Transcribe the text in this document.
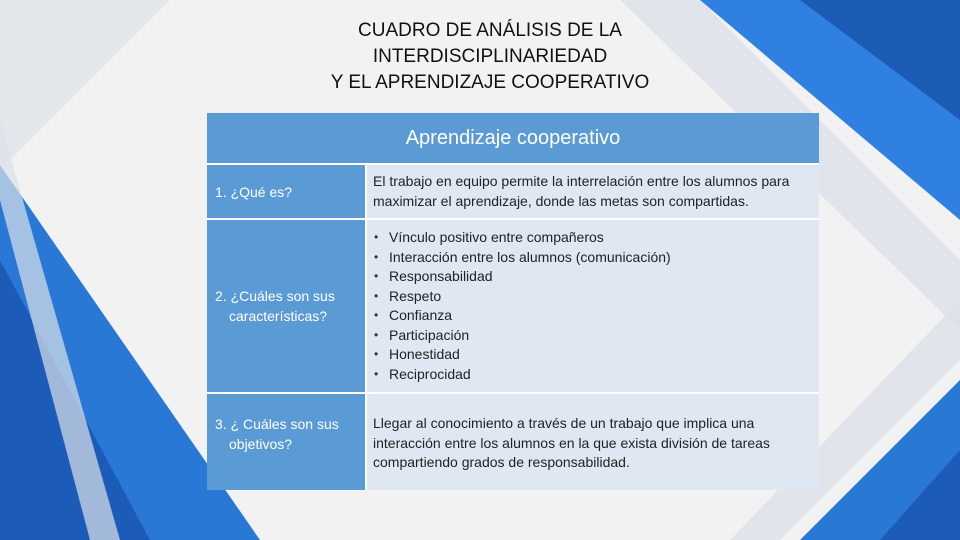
CUADRO DE ANÁLISIS DE LA
INTERDISCIPLINARIEDAD
Y EL APRENDIZAJE COOPERATIVO
Aprendizaje cooperativo
1. ¿Qué es?
El trabajo en equipo permite la interrelación entre los alumnos para maximizar el aprendizaje, donde las metas son compartidas.
2. ¿Cuáles son sus características?
• Vínculo positivo entre compañeros
• Interacción entre los alumnos (comunicación)
• Responsabilidad
• Respeto
• Confianza
• Participación
• Honestidad
• Reciprocidad
3. ¿ Cuáles son sus objetivos?
Llegar al conocimiento a través de un trabajo que implica una interacción entre los alumnos en la que exista división de tareas compartiendo grados de responsabilidad.
